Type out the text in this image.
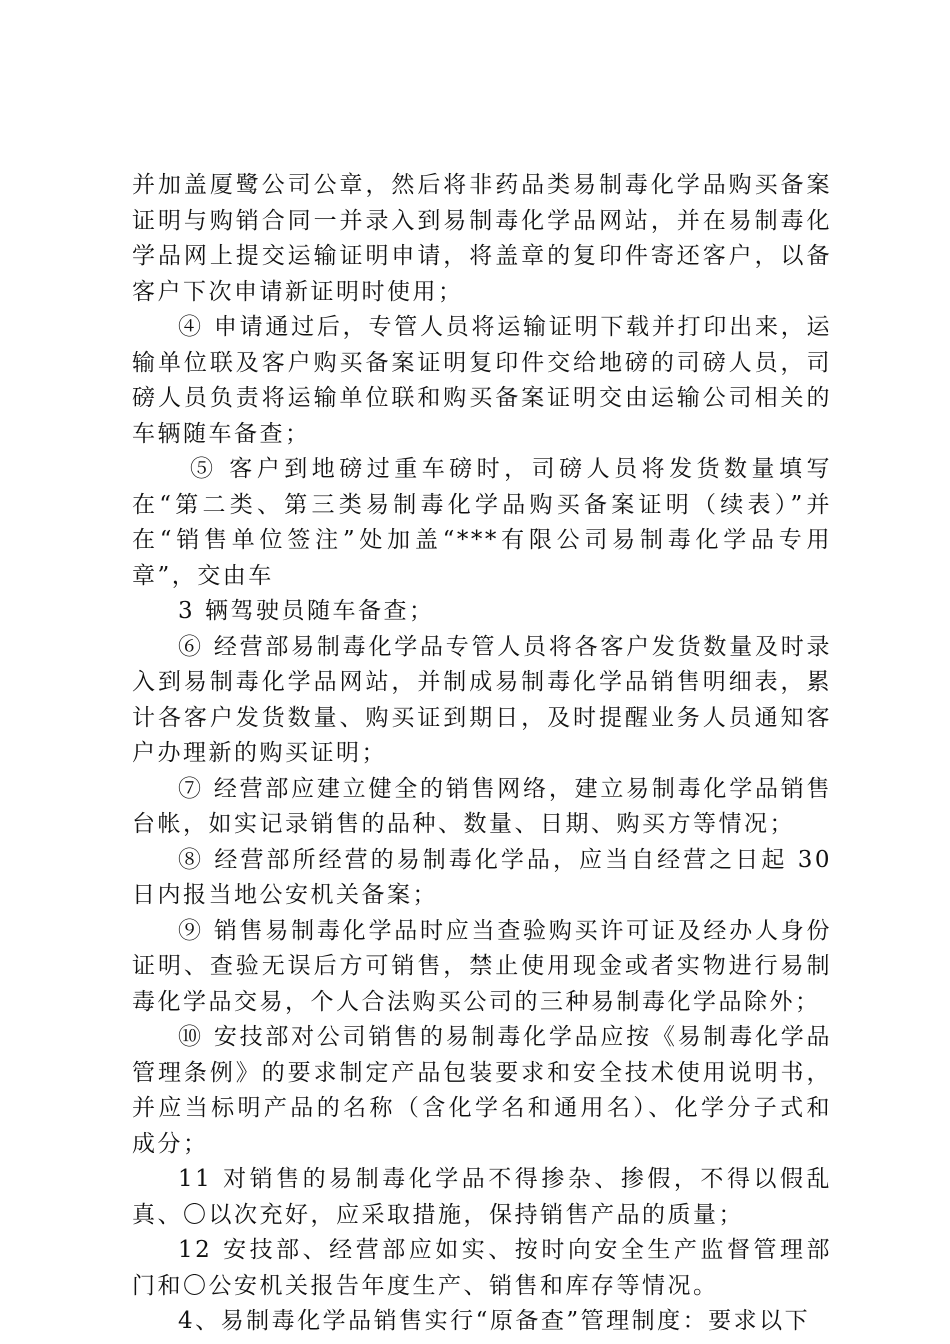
并加盖厦鹭公司公章，然后将非药品类易制毒化学品购买备案证明与购销合同一并录入到易制毒化学品网站，并在易制毒化学品网上提交运输证明申请，将盖章的复印件寄还客户，以备客户下次申请新证明时使用；

④ 申请通过后，专管人员将运输证明下载并打印出来，运输单位联及客户购买备案证明复印件交给地磅的司磅人员，司磅人员负责将运输单位联和购买备案证明交由运输公司相关的车辆随车备查；

⑤ 客户到地磅过重车磅时，司磅人员将发货数量填写在“第二类、第三类易制毒化学品购买备案证明（续表）”并在“销售单位签注”处加盖“***有限公司易制毒化学品专用章”，交由车

3 辆驾驶员随车备查；

⑥ 经营部易制毒化学品专管人员将各客户发货数量及时录入到易制毒化学品网站，并制成易制毒化学品销售明细表，累计各客户发货数量、购买证到期日，及时提醒业务人员通知客户办理新的购买证明；

⑦ 经营部应建立健全的销售网络，建立易制毒化学品销售台帐，如实记录销售的品种、数量、日期、购买方等情况；

⑧ 经营部所经营的易制毒化学品，应当自经营之日起 30 日内报当地公安机关备案；

⑨ 销售易制毒化学品时应当查验购买许可证及经办人身份证明、查验无误后方可销售，禁止使用现金或者实物进行易制毒化学品交易，个人合法购买公司的三种易制毒化学品除外；

⑩ 安技部对公司销售的易制毒化学品应按《易制毒化学品管理条例》的要求制定产品包装要求和安全技术使用说明书，并应当标明产品的名称（含化学名和通用名）、化学分子式和成分；

11 对销售的易制毒化学品不得掺杂、掺假，不得以假乱真、〇以次充好，应采取措施，保持销售产品的质量；

12 安技部、经营部应如实、按时向安全生产监督管理部门和〇公安机关报告年度生产、销售和库存等情况。

4、易制毒化学品销售实行“原备查”管理制度：要求以下
